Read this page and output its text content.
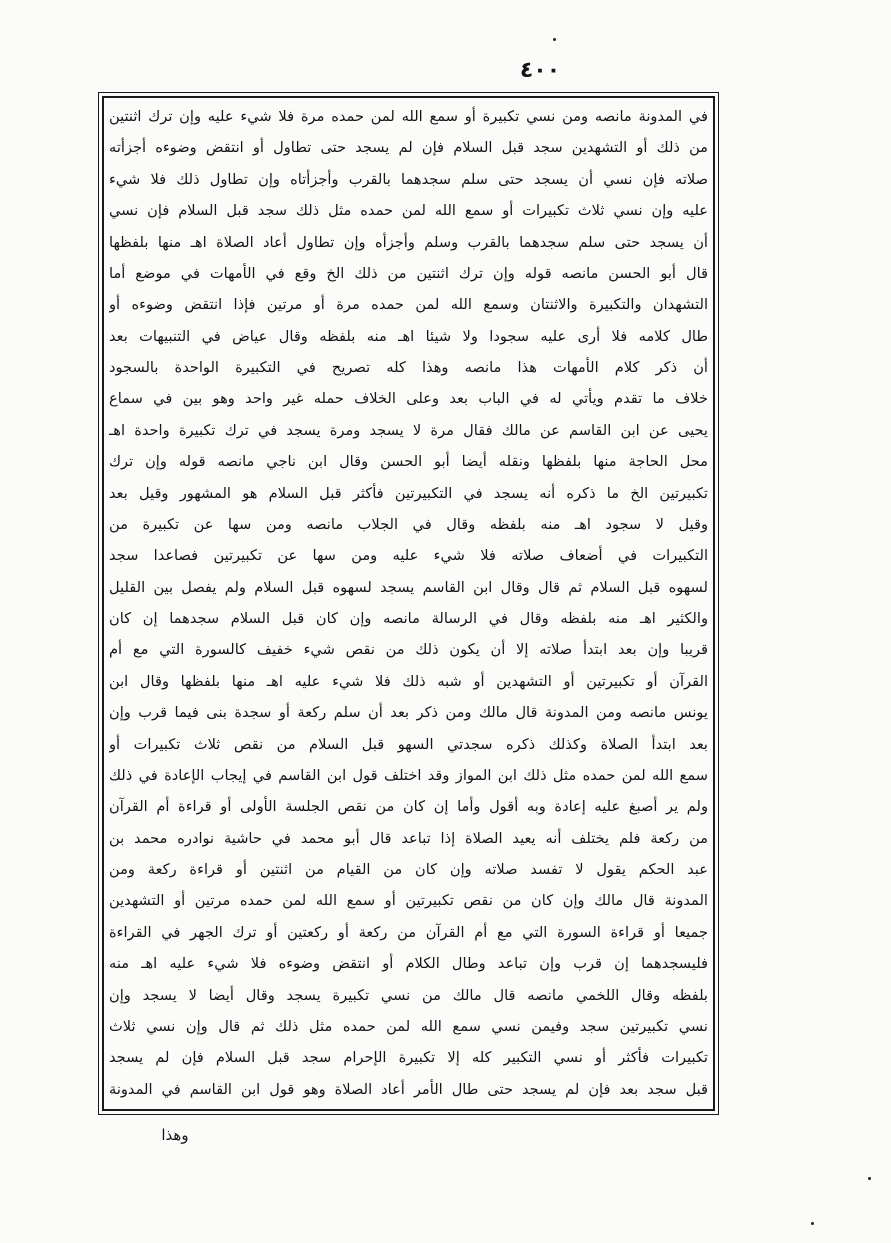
٤٠٠
في المدونة مانصه ومن نسي تكبيرة أو سمع الله لمن حمده مرة فلا شيء عليه وإن ترك اثنتين
من ذلك أو التشهدين سجد قبل السلام فإن لم يسجد حتى تطاول أو انتقض وضوءه أجزأته
صلاته فإن نسي أن يسجد حتى سلم سجدهما بالقرب وأجزأتاه وإن تطاول ذلك فلا شيء
عليه وإن نسي ثلاث تكبيرات أو سمع الله لمن حمده مثل ذلك سجد قبل السلام فإن نسي
أن يسجد حتى سلم سجدهما بالقرب وسلم وأجزأه وإن تطاول أعاد الصلاة اهـ منها بلفظها
قال أبو الحسن مانصه قوله وإن ترك اثنتين من ذلك الخ وقع في الأمهات في موضع أما
التشهدان والتكبيرة والاثنتان وسمع الله لمن حمده مرة أو مرتين فإذا انتقض وضوءه أو
طال كلامه فلا أرى عليه سجودا ولا شيئا اهـ منه بلفظه وقال عياض في التنبيهات بعد
أن ذكر كلام الأمهات هذا مانصه وهذا كله تصريح في التكبيرة الواحدة بالسجود
خلاف ما تقدم ويأتي له في الباب بعد وعلى الخلاف حمله غير واحد وهو بين في سماع
يحيى عن ابن القاسم عن مالك فقال مرة لا يسجد ومرة يسجد في ترك تكبيرة واحدة اهـ
محل الحاجة منها بلفظها ونقله أيضا أبو الحسن وقال ابن ناجي مانصه قوله وإن ترك
تكبيرتين الخ ما ذكره أنه يسجد في التكبيرتين فأكثر قبل السلام هو المشهور وقيل بعد
وقيل لا سجود اهـ منه بلفظه وقال في الجلاب مانصه ومن سها عن تكبيرة من
التكبيرات في أضعاف صلاته فلا شيء عليه ومن سها عن تكبيرتين فصاعدا سجد
لسهوه قبل السلام ثم قال وقال ابن القاسم يسجد لسهوه قبل السلام ولم يفصل بين القليل
والكثير اهـ منه بلفظه وقال في الرسالة مانصه وإن كان قبل السلام سجدهما إن كان
قريبا وإن بعد ابتدأ صلاته إلا أن يكون ذلك من نقص شيء خفيف كالسورة التي مع أم
القرآن أو تكبيرتين أو التشهدين أو شبه ذلك فلا شيء عليه اهـ منها بلفظها وقال ابن
يونس مانصه ومن المدونة قال مالك ومن ذكر بعد أن سلم ركعة أو سجدة بنى فيما قرب وإن
بعد ابتدأ الصلاة وكذلك ذكره سجدتي السهو قبل السلام من نقص ثلاث تكبيرات أو
سمع الله لمن حمده مثل ذلك ابن المواز وقد اختلف قول ابن القاسم في إيجاب الإعادة في ذلك
ولم ير أصبغ عليه إعادة وبه أقول وأما إن كان من نقص الجلسة الأولى أو قراءة أم القرآن
من ركعة فلم يختلف أنه يعيد الصلاة إذا تباعد قال أبو محمد في حاشية نوادره محمد بن
عبد الحكم يقول لا تفسد صلاته وإن كان من القيام من اثنتين أو قراءة ركعة ومن
المدونة قال مالك وإن كان من نقص تكبيرتين أو سمع الله لمن حمده مرتين أو التشهدين
جميعا أو قراءة السورة التي مع أم القرآن من ركعة أو ركعتين أو ترك الجهر في القراءة
فليسجدهما إن قرب وإن تباعد وطال الكلام أو انتقض وضوءه فلا شيء عليه اهـ منه
بلفظه وقال اللخمي مانصه قال مالك من نسي تكبيرة يسجد وقال أيضا لا يسجد وإن
نسي تكبيرتين سجد وفيمن نسي سمع الله لمن حمده مثل ذلك ثم قال وإن نسي ثلاث
تكبيرات فأكثر أو نسي التكبير كله إلا تكبيرة الإحرام سجد قبل السلام فإن لم يسجد
قبل سجد بعد فإن لم يسجد حتى طال الأمر أعاد الصلاة وهو قول ابن القاسم في المدونة
وهذا
